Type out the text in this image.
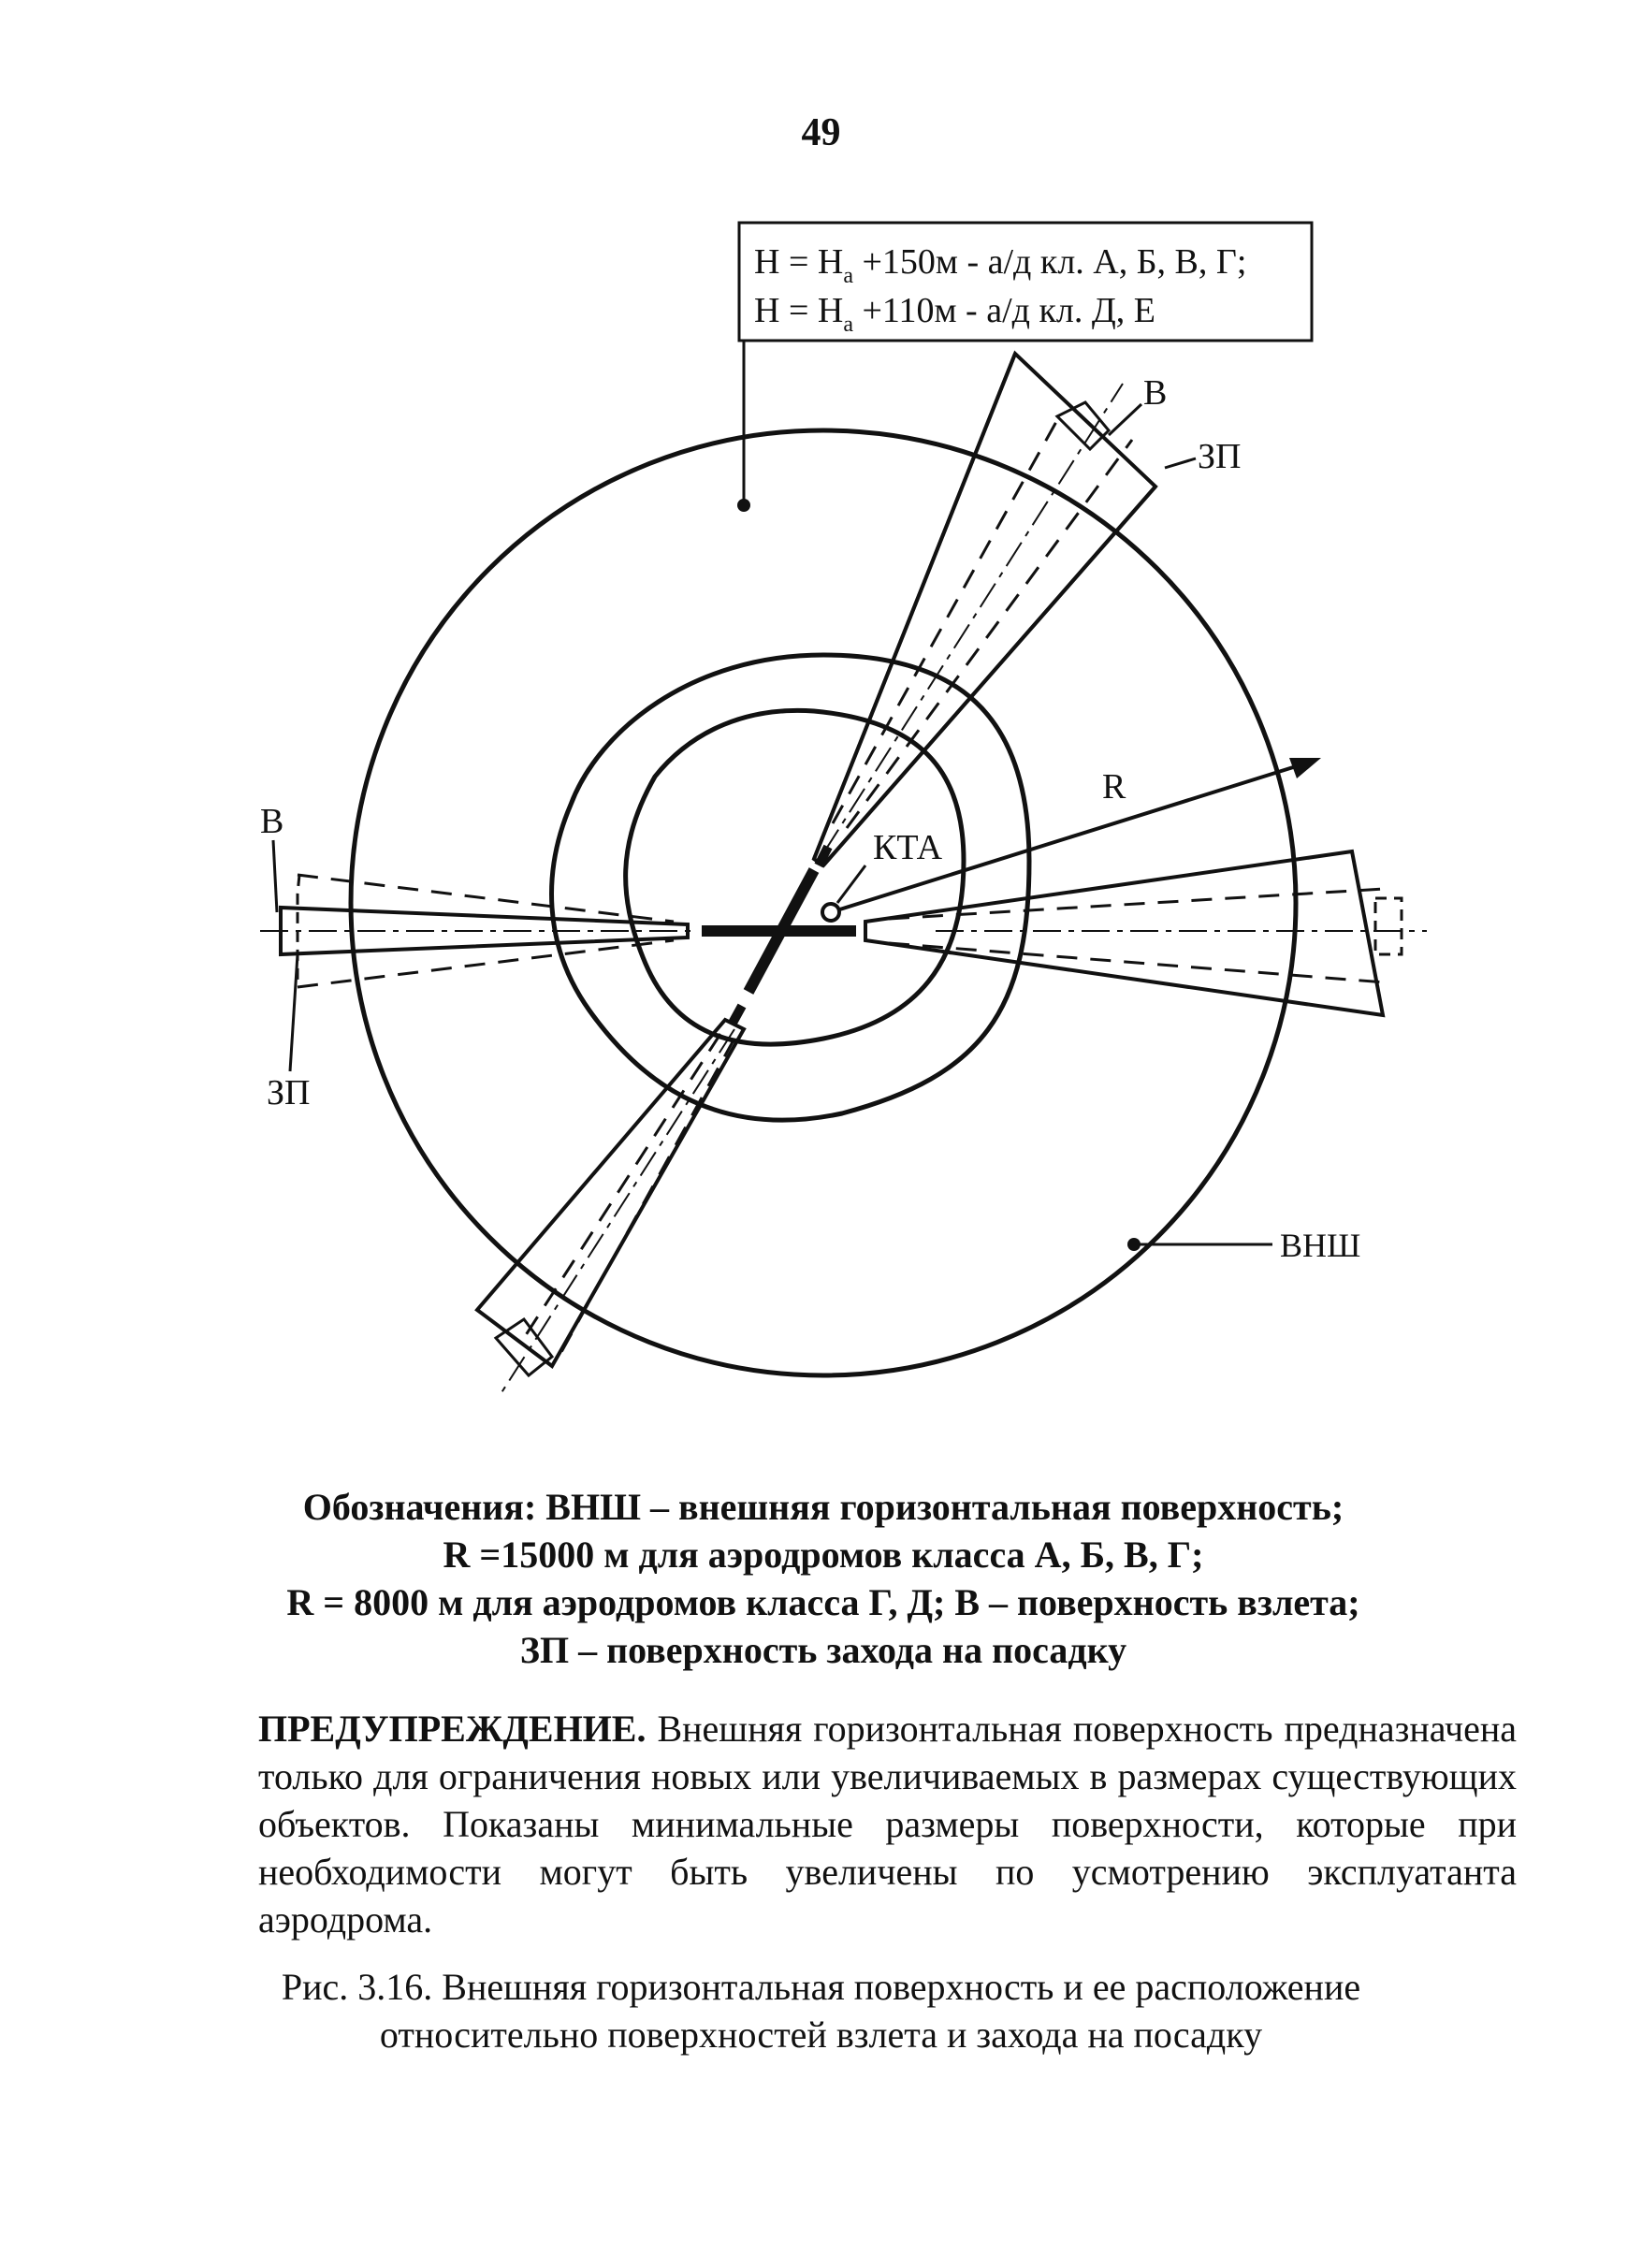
49
$H = H_а +150м - а/д$ кл. А, Б, В, Г;
$H = H_а +110м - а/д$ кл. Д, Е
R
КТА
В
ЗП
В
ЗП
ВНШ
Обозначения: ВНШ – внешняя горизонтальная поверхность;
R =15000 м для аэродромов класса А, Б, В, Г;
R = 8000 м для аэродромов класса Г, Д; В – поверхность взлета;
ЗП – поверхность захода на посадку
ПРЕДУПРЕЖДЕНИЕ. Внешняя горизонтальная поверхность предназначена только для ограничения новых или увеличиваемых в размерах существующих объектов. Показаны минимальные размеры поверхности, которые при необходимости могут быть увеличены по усмотрению эксплуатанта аэродрома.
Рис. 3.16. Внешняя горизонтальная поверхность и ее расположение
относительно поверхностей взлета и захода на посадку
